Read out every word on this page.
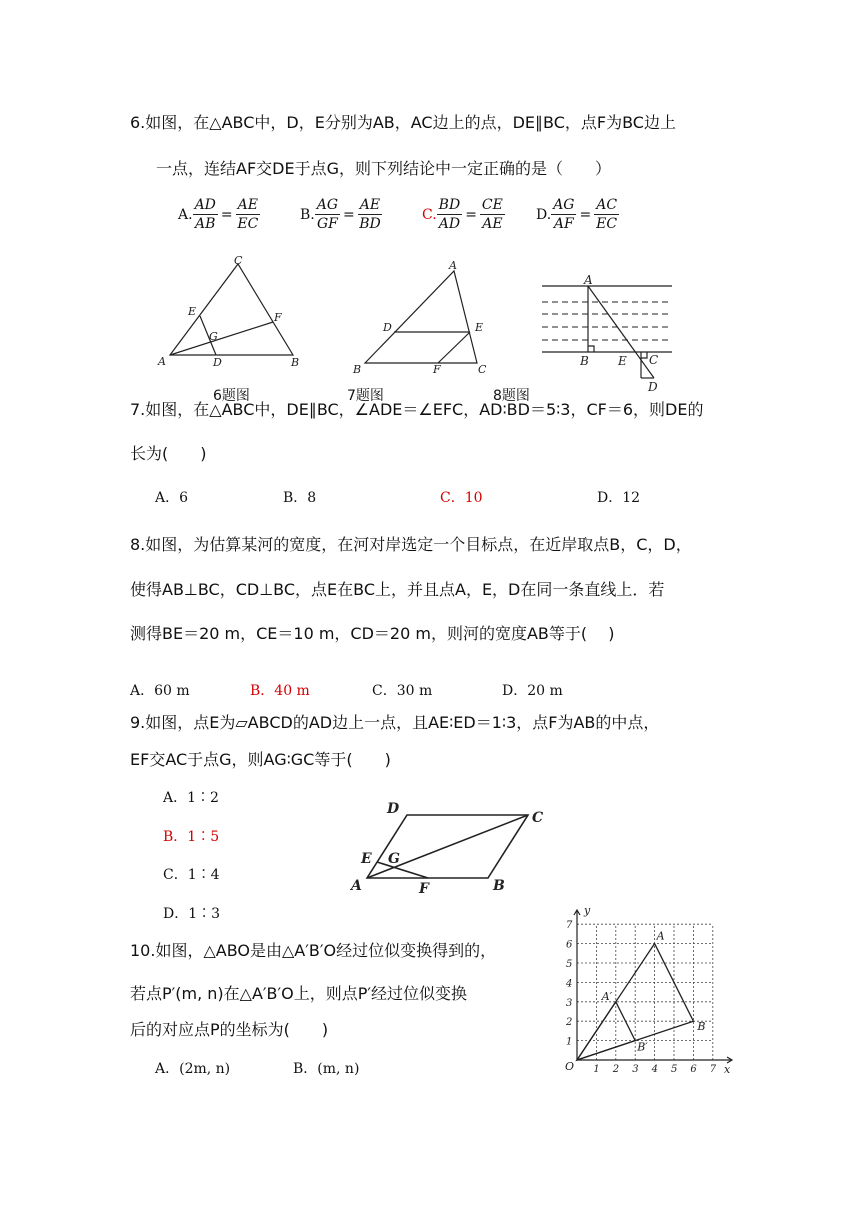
6.如图，在△ABC中，D，E分别为AB，AC边上的点，DE∥BC，点F为BC边上
一点，连结AF交DE于点G，则下列结论中一定正确的是（　　）
A. $\frac{AD}{AB} = \frac{AE}{EC}$	B. $\frac{AG}{GF} = \frac{AE}{BD}$	C. $\frac{BD}{AD} = \frac{CE}{AE} D$. $\frac{AG}{AF} = \frac{AC}{EC}$
A	B
C
D
E	F
G
6题图
A
B	C
D	E
F
7题图
A
B	C
D
E
8题图
7.如图，在△ABC中，DE∥BC，∠ADE＝∠EFC，AD∶BD＝5∶3，CF＝6，则DE的
长为(　　)
A．6	B．8	C．10	D．12
8.如图，为估算某河的宽度，在河对岸选定一个目标点，在近岸取点B，C，D，
使得AB⊥BC，CD⊥BC，点E在BC上，并且点A，E，D在同一条直线上．若
测得BE＝20 m，CE＝10 m，CD＝20 m，则河的宽度AB等于(　 )
A．60 m	B．40 m	C．30 m	D．20 m
9.如图，点E为▱ABCD的AD边上一点，且AE∶ED＝1∶3，点F为AB的中点，
EF交AC于点G，则AG∶GC等于(　　)
A．1∶2
B．1∶5
C．1∶4
D．1∶3
A	B
C
D
E
F
G
10.如图，△ABO是由△A′B′O经过位似变换得到的，
若点P′(m, n)在△A′B′O上，则点P′经过位似变换
后的对应点P的坐标为(　　)
A．(2m, n)	B．(m, n)	1 2 3 4 5 6 7
1
2
3
4
5
6
7
x
y
O
A
B
A′
B′
